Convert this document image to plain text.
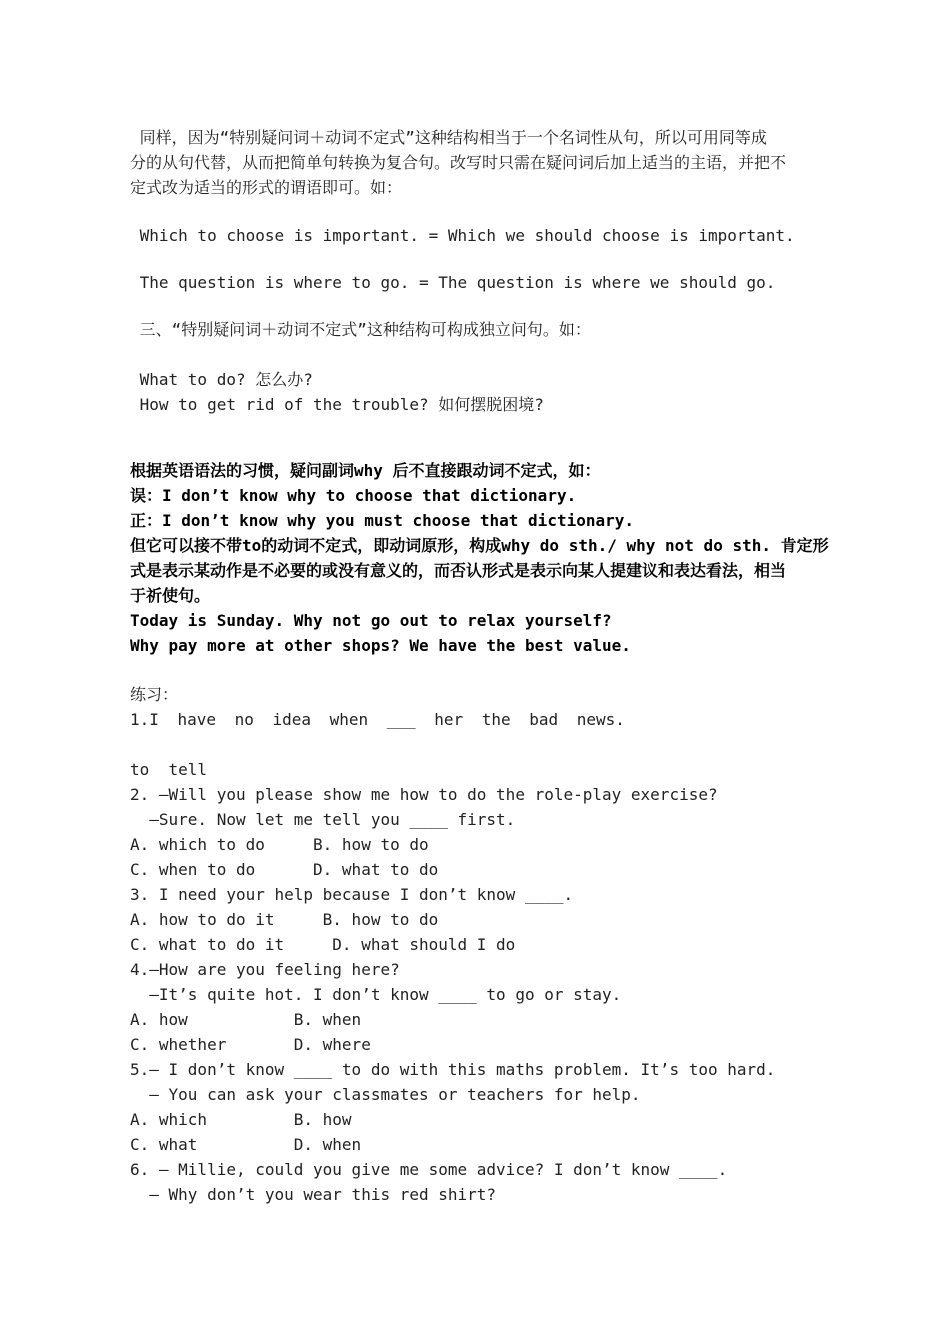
同样，因为“特别疑问词＋动词不定式”这种结构相当于一个名词性从句，所以可用同等成
分的从句代替，从而把简单句转换为复合句。改写时只需在疑问词后加上适当的主语，并把不
定式改为适当的形式的谓语即可。如：
Which to choose is important. = Which we should choose is important.
The question is where to go. = The question is where we should go.
三、“特别疑问词＋动词不定式”这种结构可构成独立问句。如：
What to do? 怎么办?
How to get rid of the trouble? 如何摆脱困境?
根据英语语法的习惯，疑问副词why 后不直接跟动词不定式，如：
误：I don’t know why to choose that dictionary.
正：I don’t know why you must choose that dictionary.
但它可以接不带to的动词不定式，即动词原形，构成why do sth./ why not do sth. 肯定形
式是表示某动作是不必要的或没有意义的，而否认形式是表示向某人提建议和表达看法，相当
于祈使句。
Today is Sunday. Why not go out to relax yourself?
Why pay more at other shops? We have the best value.
练习：
1.I have no idea when ___ her the bad news.

to  tell
2. —Will you please show me how to do the role-play exercise?
—Sure. Now let me tell you ____ first.
A. which to do     B. how to do
C. when to do      D. what to do
3. I need your help because I don’t know ____.
A. how to do it     B. how to do
C. what to do it     D. what should I do
4.—How are you feeling here?
—It’s quite hot. I don’t know ____ to go or stay.
A. how           B. when
C. whether       D. where
5.— I don’t know ____ to do with this maths problem. It’s too hard.
— You can ask your classmates or teachers for help.
A. which         B. how
C. what          D. when
6. — Millie, could you give me some advice? I don’t know ____.
— Why don’t you wear this red shirt?
